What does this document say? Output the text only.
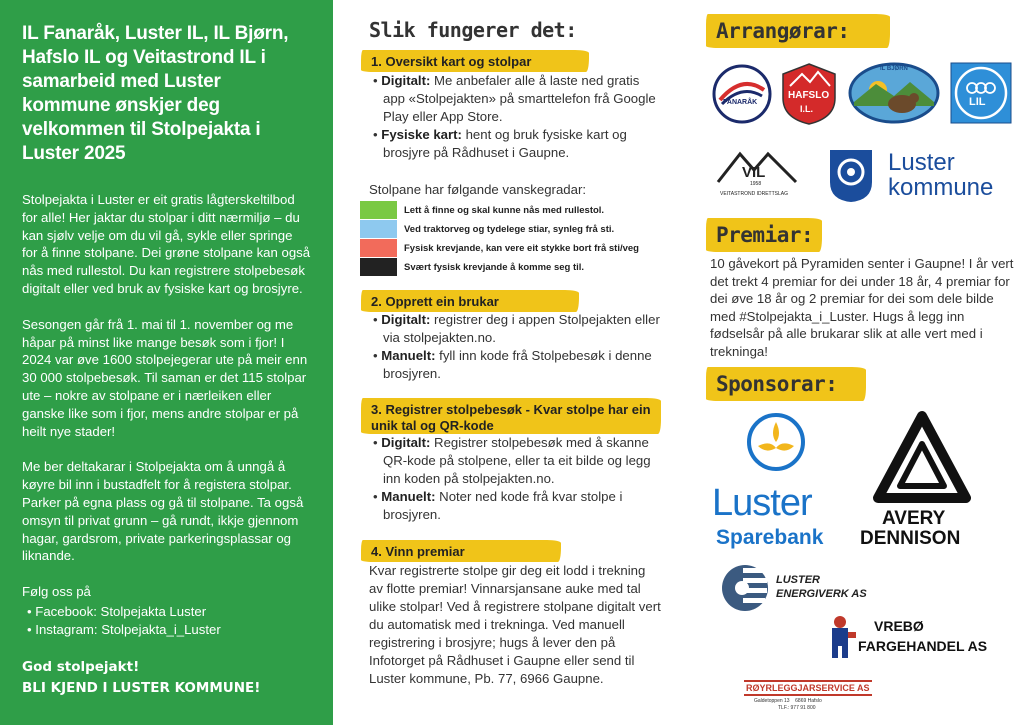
IL Fanaråk, Luster IL, IL Bjørn, Hafslo IL og Veitastrond IL i samarbeid med Luster kommune ønskjer deg velkommen til Stolpejakta i Luster 2025

Stolpejakta i Luster er eit gratis lågterskeltilbod for alle! Her jaktar du stolpar i ditt nærmiljø – du kan sjølv velje om du vil gå, sykle eller springe for å finne stolpane. Dei grøne stolpane kan også nås med rullestol. Du kan registrere stolpebesøk digitalt eller ved bruk av fysiske kart og brosjyre.

Sesongen går frå 1. mai til 1. november og me håpar på minst like mange besøk som i fjor! I 2024 var øve 1600 stolpejegerar ute på meir enn 30 000 stolpebesøk. Til saman er det 115 stolpar ute – nokre av stolpane er i nærleiken eller ganske like som i fjor, mens andre stolpar er på heilt nye stader!

Me ber deltakarar i Stolpejakta om å unngå å køyre bil inn i bustadfelt for å registera stolpar. Parker på egna plass og gå til stolpane. Ta også omsyn til privat grunn – gå rundt, ikkje gjennom hagar, gardsrom, private parkeringsplassar og liknande.

Følg oss på

• Facebook: Stolpejakta Luster
• Instagram: Stolpejakta_i_Luster
God stolpejakt!
BLI KJEND I LUSTER KOMMUNE!
Slik fungerer det:
1. Oversikt kart og stolpar
• Digitalt: Me anbefaler alle å laste ned gratis app «Stolpejakten» på smarttelefon frå Google Play eller App Store.
• Fysiske kart: hent og bruk fysiske kart og brosjyre på Rådhuset i Gaupne.
Stolpane har følgande vanskegradar:
Lett å finne og skal kunne nås med rullestol.
Ved traktorveg og tydelege stiar, synleg frå sti.
Fysisk krevjande, kan vere eit stykke bort frå sti/veg
Svært fysisk krevjande å komme seg til.
2. Opprett ein brukar
• Digitalt: registrer deg i appen Stolpejakten eller via stolpejakten.no.
• Manuelt: fyll inn kode frå Stolpebesøk i denne brosjyren.
3. Registrer stolpebesøk - Kvar stolpe har ein unik tal og QR-kode
• Digitalt: Registrer stolpebesøk med å skanne QR-kode på stolpene, eller ta eit bilde og legg inn koden på stolpejakten.no.
• Manuelt: Noter ned kode frå kvar stolpe i brosjyren.
4. Vinn premiar
Kvar registrerte stolpe gir deg eit lodd i trekning av flotte premiar! Vinnarsjansane auke med tal ulike stolpar! Ved å registrere stolpane digitalt vert du automatisk med i trekninga. Ved manuell registrering i brosjyre; hugs å lever den på Infotorget på Rådhuset i Gaupne eller send til Luster kommune, Pb. 77, 6966 Gaupne.
Arrangørar:
FANARÅK
HAFSLO
I.L.
IL BJØRN
LIL
VIL
1958
VEITASTROND IDRETTSLAG
Luster
kommune
Premiar:
10 gåvekort på Pyramiden senter i Gaupne! I år vert det trekt 4 premiar for dei under 18 år, 4 premiar for dei øve 18 år og 2 premiar for dei som dele bilde med #Stolpejakta_i_Luster. Hugs å legg inn fødselsår på alle brukarar slik at alle vert med i trekninga!
Sponsorar:
Luster
Sparebank
AVERY
DENNISON
LUSTER
ENERGIVERK AS
VREBØ
FARGEHANDEL AS
RØYRLEGGJARSERVICE AS
Galdetoppen 13    6869 Hafslo
TLF.: 977 91 800
